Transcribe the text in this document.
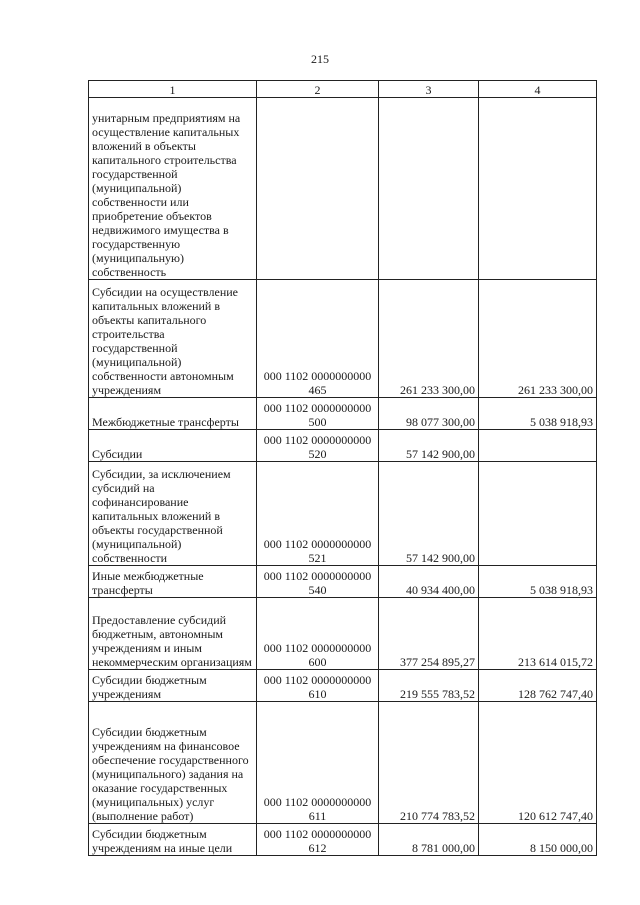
215
1	2	3	4
унитарным предприятиям на осуществление капитальных вложений в объекты капитального строительства государственной (муниципальной) собственности или приобретение объектов недвижимого имущества в государственную (муниципальную) собственность			
Субсидии на осуществление капитальных вложений в объекты капитального строительства государственной (муниципальной) собственности автономным учреждениям	000 1102 0000000000 465	261 233 300,00	261 233 300,00
Межбюджетные трансферты	000 1102 0000000000 500	98 077 300,00	5 038 918,93
Субсидии	000 1102 0000000000 520	57 142 900,00	
Субсидии, за исключением субсидий на софинансирование капитальных вложений в объекты государственной (муниципальной) собственности	000 1102 0000000000 521	57 142 900,00	
Иные межбюджетные трансферты	000 1102 0000000000 540	40 934 400,00	5 038 918,93
Предоставление субсидий бюджетным, автономным учреждениям и иным некоммерческим организациям	000 1102 0000000000 600	377 254 895,27	213 614 015,72
Субсидии бюджетным учреждениям	000 1102 0000000000 610	219 555 783,52	128 762 747,40
Субсидии бюджетным учреждениям на финансовое обеспечение государственного (муниципального) задания на оказание государственных (муниципальных) услуг (выполнение работ)	000 1102 0000000000 611	210 774 783,52	120 612 747,40
Субсидии бюджетным учреждениям на иные цели	000 1102 0000000000 612	8 781 000,00	8 150 000,00
